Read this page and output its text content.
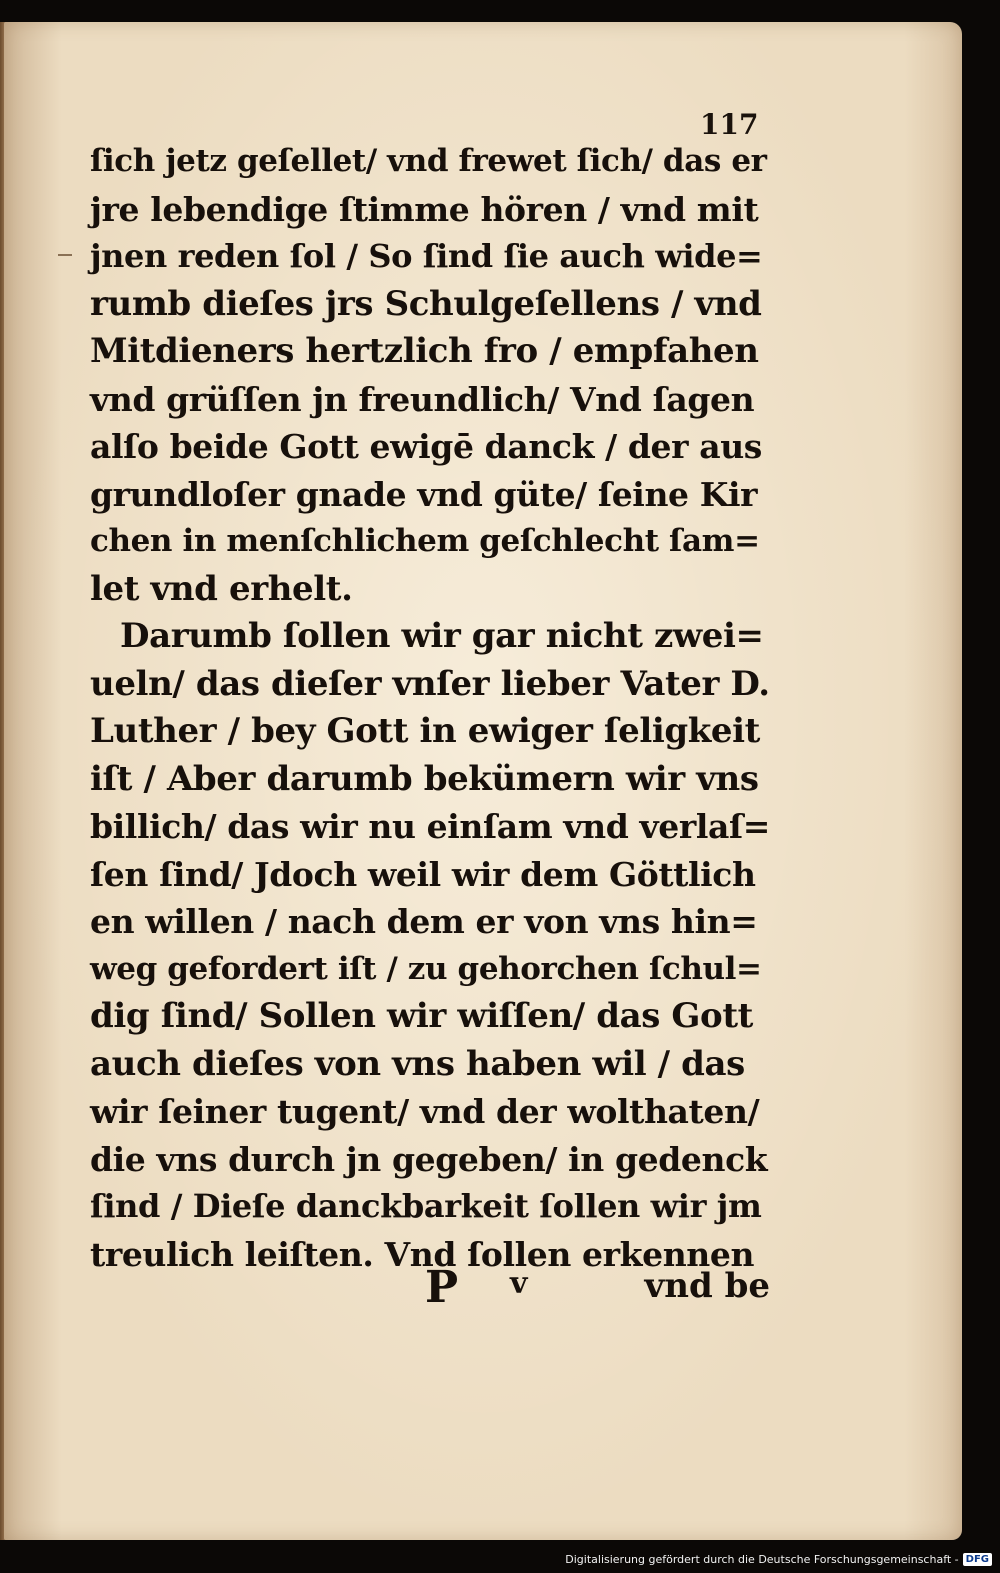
117
ſich jetz geſellet/ vnd frewet ſich/ das er
jre lebendige ſtimme hören / vnd mit
jnen reden ſol / So ſind ſie auch wide=
rumb dieſes jrs Schulgeſellens / vnd
Mitdieners hertzlich fro / empfahen
vnd grüſſen jn freundlich/ Vnd ſagen
alſo beide Gott ewigē danck / der aus
grundloſer gnade vnd güte/ ſeine Kir
chen in menſchlichem geſchlecht ſam=
let vnd erhelt.
Darumb ſollen wir gar nicht zwei=
ueln/ das dieſer vnſer lieber Vater D.
Luther / bey Gott in ewiger ſeligkeit
iſt / Aber darumb bekümern wir vns
billich/ das wir nu einſam vnd verlaſ=
ſen ſind/ Jdoch weil wir dem Göttlich
en willen / nach dem er von vns hin=
weg gefordert iſt / zu gehorchen ſchul=
dig ſind/ Sollen wir wiſſen/ das Gott
auch dieſes von vns haben wil / das
wir ſeiner tugent/ vnd der wolthaten/
die vns durch jn gegeben/ in gedenck
ſind / Dieſe danckbarkeit ſollen wir jm
treulich leiſten. Vnd ſollen erkennen
P v	vnd be
Digitalisierung gefördert durch die Deutsche Forschungsgemeinschaft - DFG
